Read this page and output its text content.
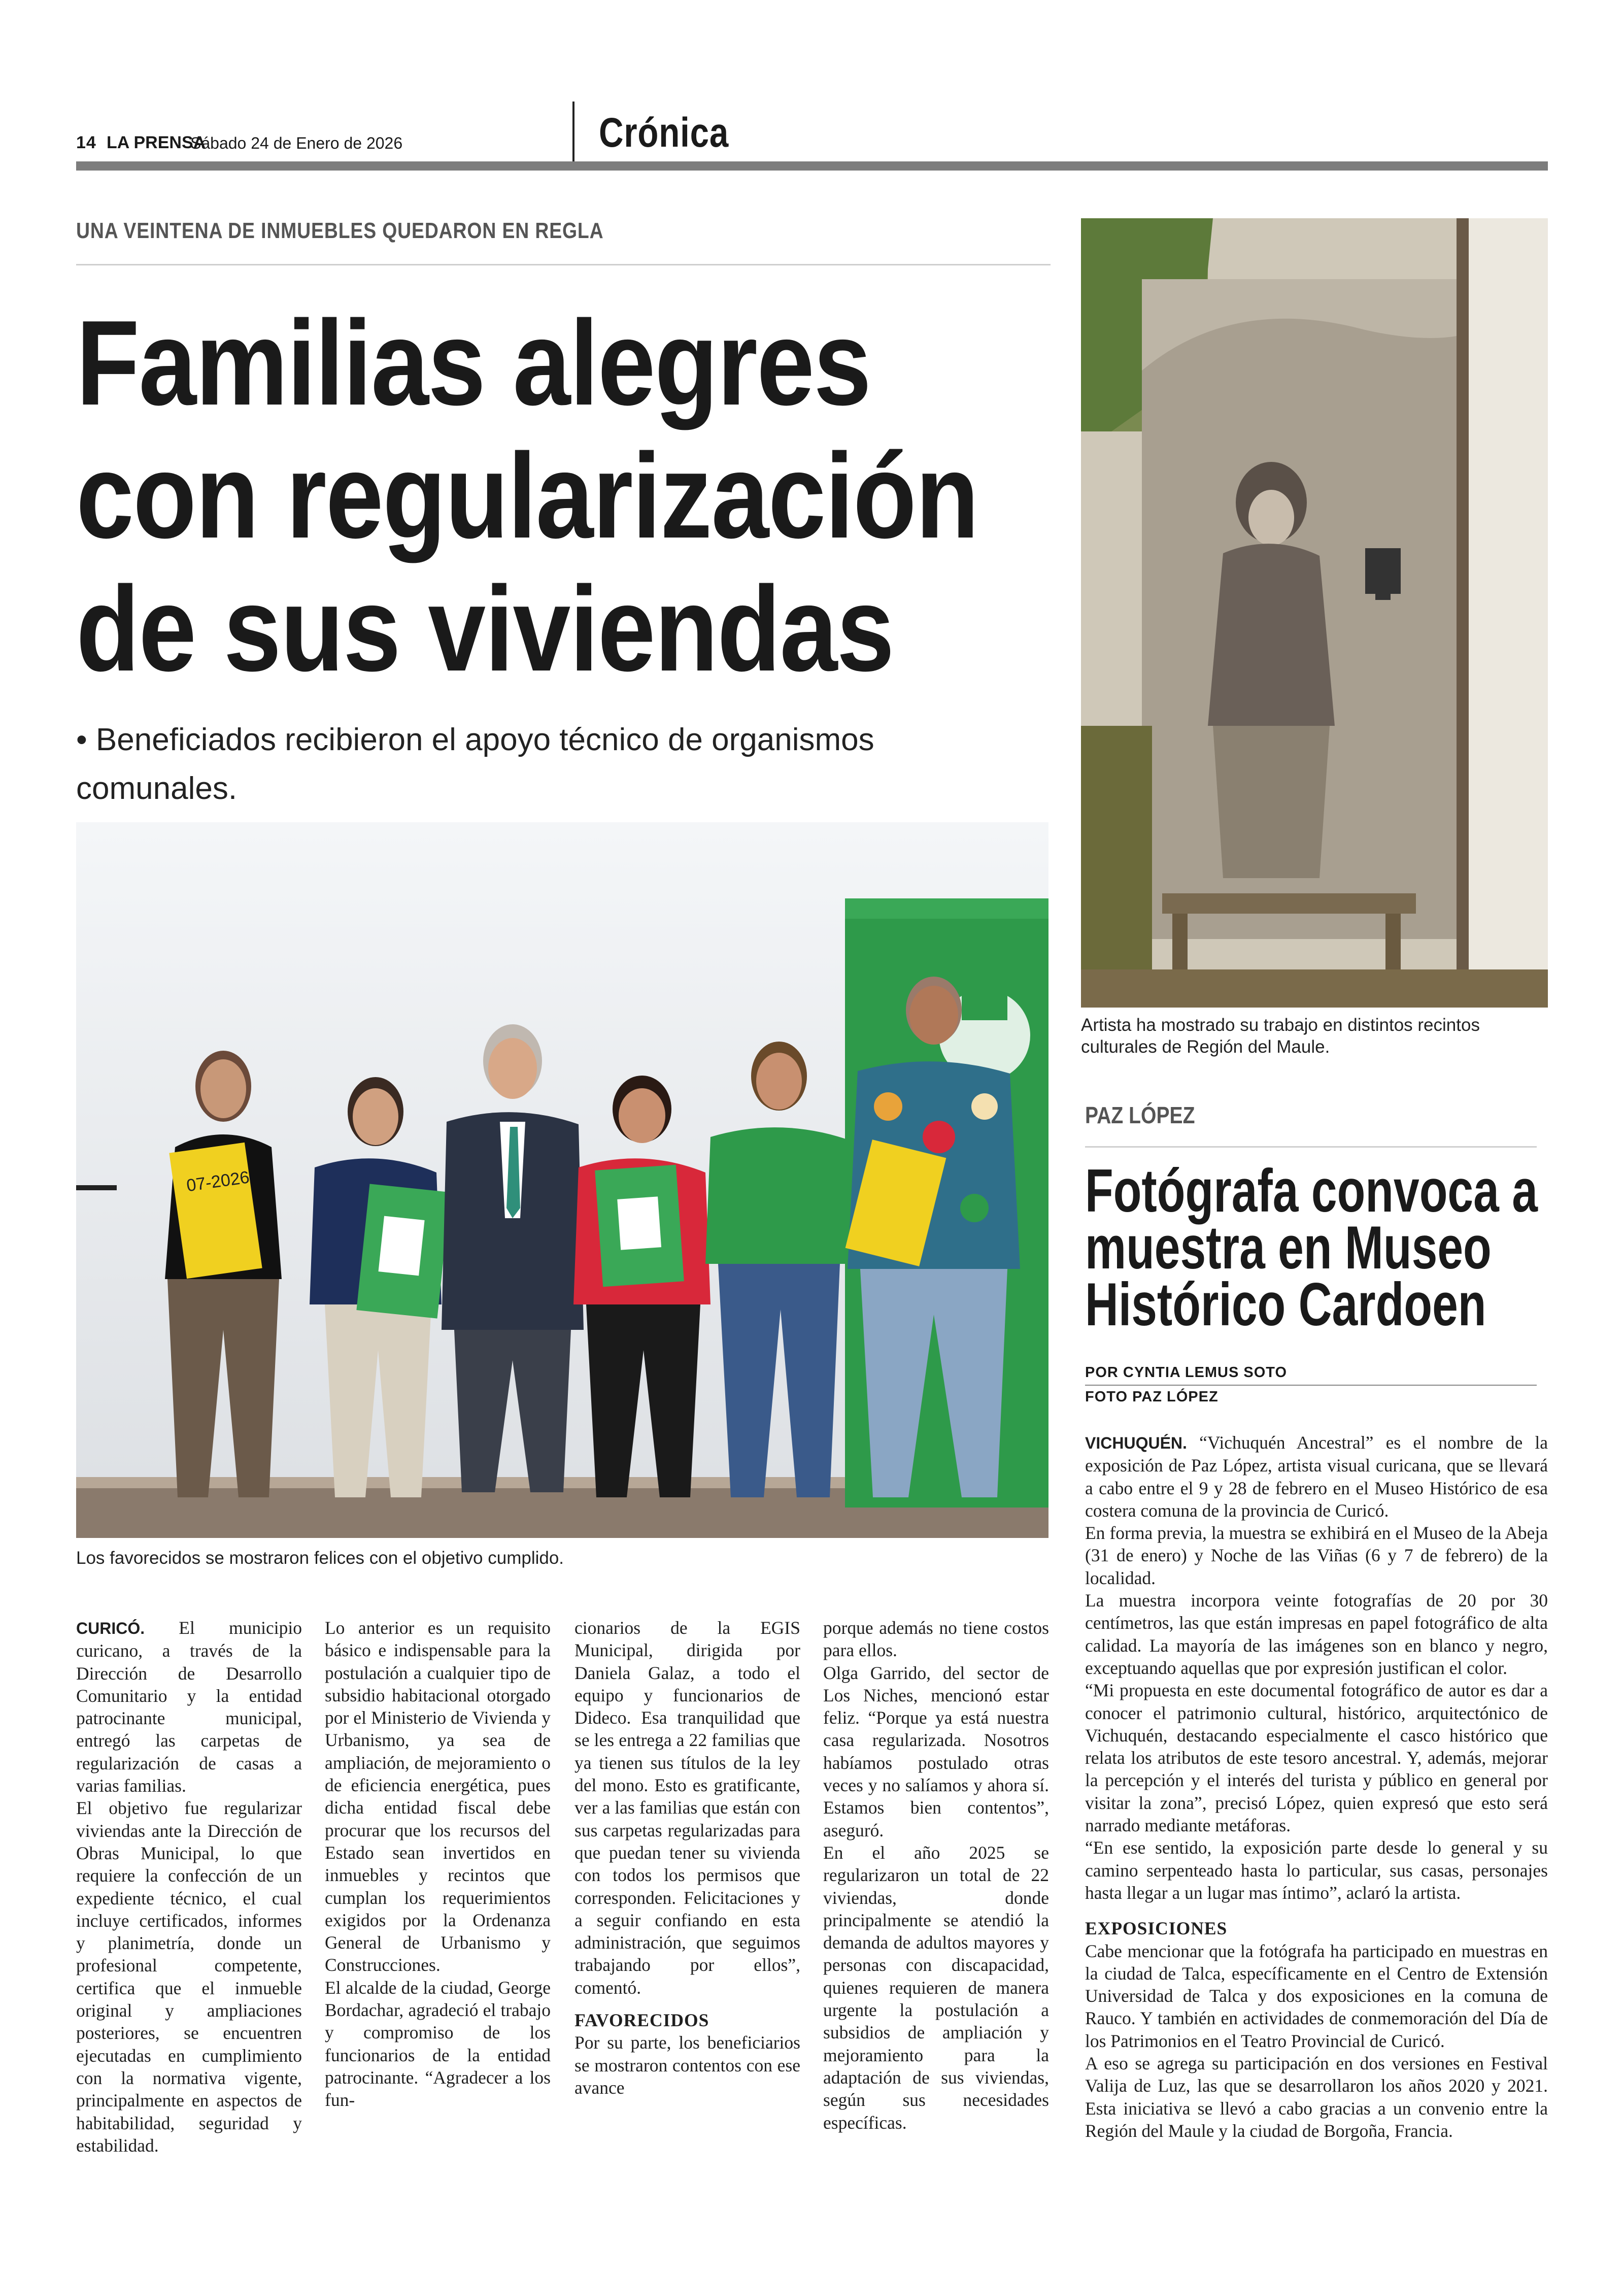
14 LA PRENSA
Sábado 24 de Enero de 2026	Crónica
UNA VEINTENA DE INMUEBLES QUEDARON EN REGLA
Familias alegres con regularización de sus viviendas
• Beneficiados recibieron el apoyo técnico de organismos comunales.
07-2026
Los favorecidos se mostraron felices con el objetivo cumplido.

CURICÓ. El municipio curicano, a través de la Dirección de Desarrollo Comunitario y la entidad patrocinante municipal, entregó las carpetas de regularización de casas a varias familias.

El objetivo fue regularizar viviendas ante la Dirección de Obras Municipal, lo que requiere la confección de un expediente técnico, el cual incluye certificados, informes y planimetría, donde un profesional competente, certifica que el inmueble original y ampliaciones posteriores, se encuentren ejecutadas en cumplimiento con la normativa vigente, principalmente en aspectos de habitabilidad, seguridad y estabilidad.

Lo anterior es un requisito básico e indispensable para la postulación a cualquier tipo de subsidio habitacional otorgado por el Ministerio de Vivienda y Urbanismo, ya sea de ampliación, de mejoramiento o de eficiencia energética, pues dicha entidad fiscal debe procurar que los recursos del Estado sean invertidos en inmuebles y recintos que cumplan los requerimientos exigidos por la Ordenanza General de Urbanismo y Construcciones.

El alcalde de la ciudad, George Bordachar, agradeció el trabajo y compromiso de los funcionarios de la entidad patrocinante. “Agradecer a los fun-

cionarios de la EGIS Municipal, dirigida por Daniela Galaz, a todo el equipo y funcionarios de Dideco. Esa tranquilidad que se les entrega a 22 familias que ya tienen sus títulos de la ley del mono. Esto es gratificante, ver a las familias que están con sus carpetas regularizadas para que puedan tener su vivienda con todos los permisos que corresponden. Felicitaciones y a seguir confiando en esta administración, que seguimos trabajando por ellos”, comentó.

FAVORECIDOS

Por su parte, los beneficiarios se mostraron contentos con ese avance

porque además no tiene costos para ellos.

Olga Garrido, del sector de Los Niches, mencionó estar feliz. “Porque ya está nuestra casa regularizada. Nosotros habíamos postulado otras veces y no salíamos y ahora sí. Estamos bien contentos”, aseguró.

En el año 2025 se regularizaron un total de 22 viviendas, donde principalmente se atendió la demanda de adultos mayores y personas con discapacidad, quienes requieren de manera urgente la postulación a subsidios de ampliación y mejoramiento para la adaptación de sus viviendas, según sus necesidades específicas.

Artista ha mostrado su trabajo en distintos recintos culturales de Región del Maule.
PAZ LÓPEZ
Fotógrafa convoca a muestra en Museo Histórico Cardoen
POR CYNTIA LEMUS SOTO
FOTO PAZ LÓPEZ

VICHUQUÉN. “Vichuquén Ancestral” es el nombre de la exposición de Paz López, artista visual curicana, que se llevará a cabo entre el 9 y 28 de febrero en el Museo Histórico de esa costera comuna de la provincia de Curicó.

En forma previa, la muestra se exhibirá en el Museo de la Abeja (31 de enero) y Noche de las Viñas (6 y 7 de febrero) de la localidad.

La muestra incorpora veinte fotografías de 20 por 30 centímetros, las que están impresas en papel fotográfico de alta calidad. La mayoría de las imágenes son en blanco y negro, exceptuando aquellas que por expresión justifican el color.

“Mi propuesta en este documental fotográfico de autor es dar a conocer el patrimonio cultural, histórico, arquitectónico de Vichuquén, destacando especialmente el casco histórico que relata los atributos de este tesoro ancestral. Y, además, mejorar la percepción y el interés del turista y público en general por visitar la zona”, precisó López, quien expresó que esto será narrado mediante metáforas.

“En ese sentido, la exposición parte desde lo general y su camino serpenteado hasta lo particular, sus casas, personajes hasta llegar a un lugar mas íntimo”, aclaró la artista.

EXPOSICIONES

Cabe mencionar que la fotógrafa ha participado en muestras en la ciudad de Talca, específicamente en el Centro de Extensión Universidad de Talca y dos exposiciones en la comuna de Rauco. Y también en actividades de conmemoración del Día de los Patrimonios en el Teatro Provincial de Curicó.

A eso se agrega su participación en dos versiones en Festival Valija de Luz, las que se desarrollaron los años 2020 y 2021. Esta iniciativa se llevó a cabo gracias a un convenio entre la Región del Maule y la ciudad de Borgoña, Francia.
